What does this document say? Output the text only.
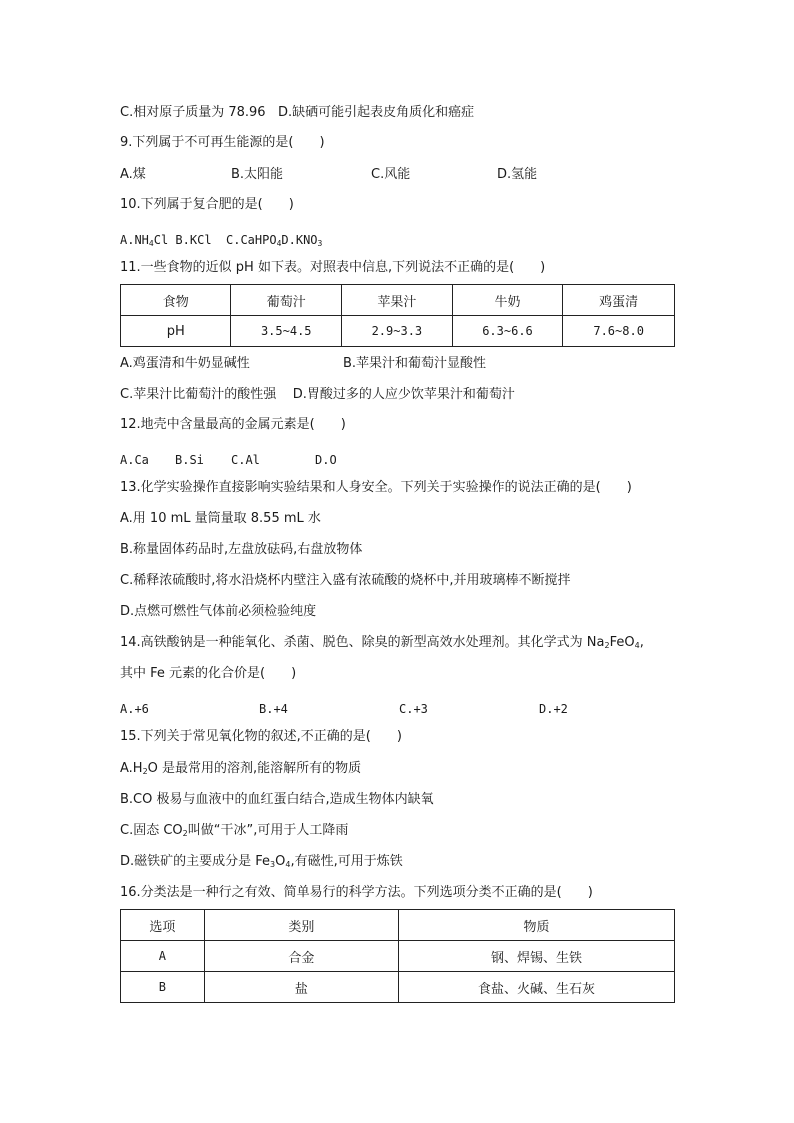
C.相对原子质量为 78.96 D.缺硒可能引起表皮角质化和癌症
9.下列属于不可再生能源的是(　　)
A.煤	B.太阳能	C.风能	D.氢能
10.下列属于复合肥的是(　　)
$A.NH_4Cl$ B.KCl $C.CaHPO_4D.KNO_3$
11.一些食物的近似 pH 如下表。对照表中信息,下列说法不正确的是(　　)
食物	葡萄汁	苹果汁	牛奶	鸡蛋清
pH	3.5~4.5	2.9~3.3	6.3~6.6	7.6~8.0
A.鸡蛋清和牛奶显碱性	B.苹果汁和葡萄汁显酸性
C.苹果汁比葡萄汁的酸性强 D.胃酸过多的人应少饮苹果汁和葡萄汁
12.地壳中含量最高的金属元素是(　　)
A.Ca B.Si C.Al	D.O
13.化学实验操作直接影响实验结果和人身安全。下列关于实验操作的说法正确的是(　　)
A.用 10 mL 量筒量取 8.55 mL 水
B.称量固体药品时,左盘放砝码,右盘放物体
C.稀释浓硫酸时,将水沿烧杯内壁注入盛有浓硫酸的烧杯中,并用玻璃棒不断搅拌
D.点燃可燃性气体前必须检验纯度
14.高铁酸钠是一种能氧化、杀菌、脱色、除臭的新型高效水处理剂。其化学式为 $Na_2FeO_4$,
其中 Fe 元素的化合价是(　　)
A.+6	B.+4	C.+3	D.+2
15.下列关于常见氧化物的叙述,不正确的是(　　)
$A.H_2O$ 是最常用的溶剂,能溶解所有的物质
B.CO 极易与血液中的血红蛋白结合,造成生物体内缺氧
C.固态 $CO_2$叫做“干冰”,可用于人工降雨
D.磁铁矿的主要成分是 $Fe_3O_4$,有磁性,可用于炼铁
16.分类法是一种行之有效、简单易行的科学方法。下列选项分类不正确的是(　　)
选项	类别	物质
A	合金	钢、焊锡、生铁
B	盐	食盐、火碱、生石灰
